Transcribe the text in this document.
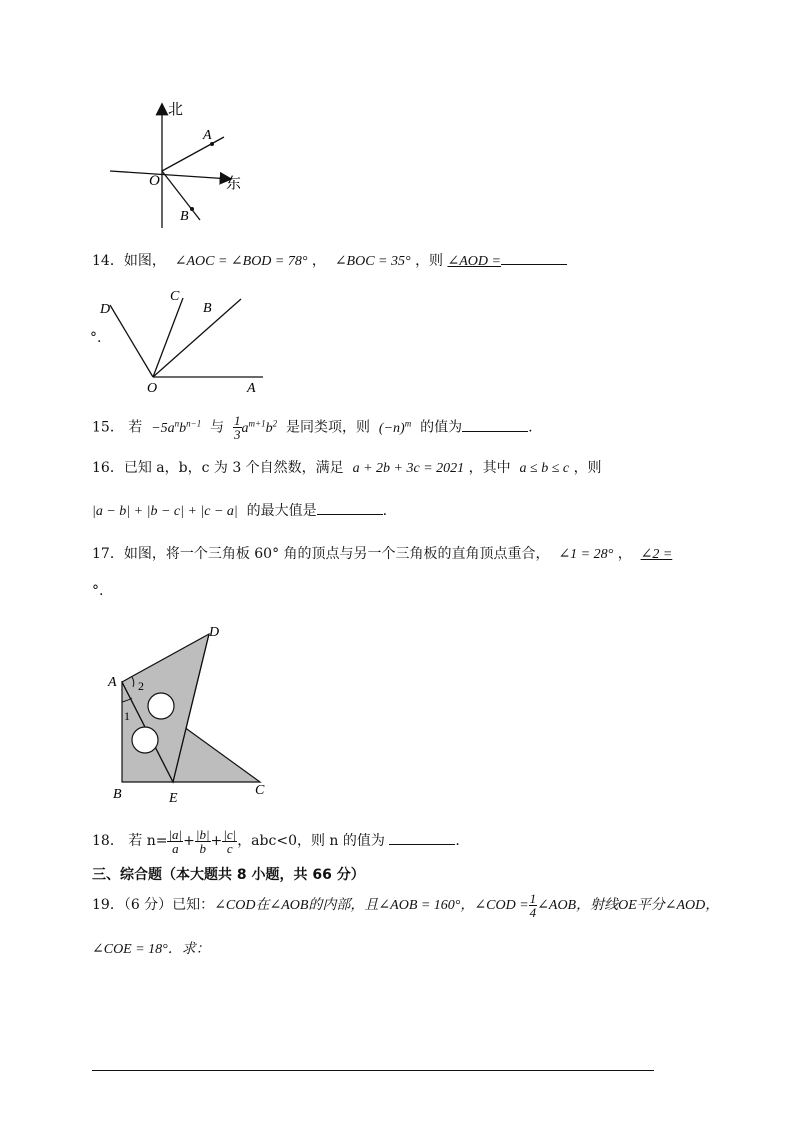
北
东
O
A
B
14．如图， ∠AOC = ∠BOD = 78° ， ∠BOC = 35° ，则 ∠AOD =
D
C
B
O	A
°.
15． 若 $-5a^nb^{n-1}$ 与 $\frac{1}{3} a^{m+1}b^2$ 是同类项，则 $(-n)^m$ 的值为	.
16．已知 a，b，c 为 3 个自然数，满足 a + 2b + 3c = 2021 ，其中 a ≤ b ≤ c ，则
|a − b| + |b − c| + |c − a| 的最大值是	.
17．如图，将一个三角板 60° 角的顶点与另一个三角板的直角顶点重合， ∠1 = 28° ， ∠2 =
°.
A
B	C
D
E
1
2
18． 若 $n= \frac{|a|}{a} + \frac{|b|}{b} + \frac{|c|}{c}$ ，abc<0，则 n 的值为	.
三、综合题（本大题共 8 小题，共 66 分）
19．（6 分）已知：∠COD在∠AOB的内部，且∠AOB = 160°，∠COD = $\frac{1}{4}$ ∠AOB，射线OE平分∠AOD，
∠COE = 18°．求：
